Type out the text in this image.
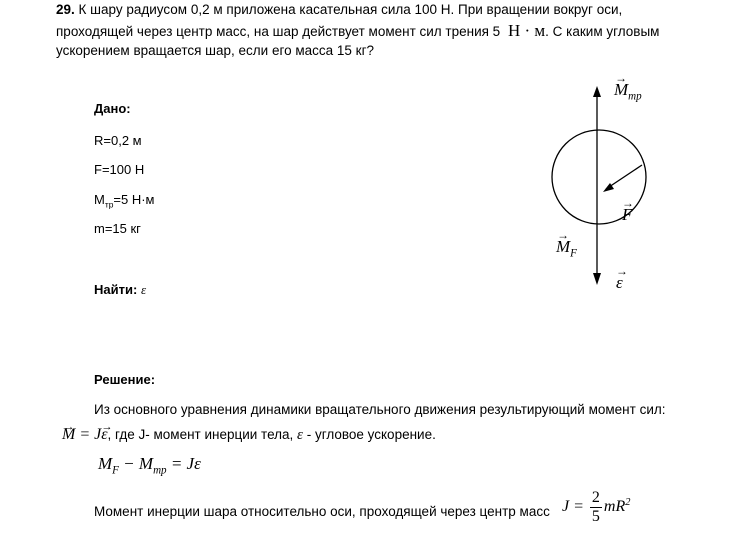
29. К шару радиусом 0,2 м приложена касательная сила 100 Н. При вращении вокруг оси,
проходящей через центр масс, на шар действует момент сил трения 5 Н · м. С каким угловым
ускорением вращается шар, если его масса 15 кг?
Дано:
R=0,2 м
F=100 Н
$M_{тр}=5$ Н·м
m=15 кг
Найти: ε
→ $M_{тр}$
→ F
→ $M_F$
→ ε
Решение:
Из основного уравнения динамики вращательного движения результирующий момент сил:
→ M = J→ ε, где J- момент инерции тела, ε - угловое ускорение.
$M_F - M_{тр} = J\varepsilon$
Момент инерции шара относительно оси, проходящей через центр масс $J = \frac{2}{5} mR^2$
